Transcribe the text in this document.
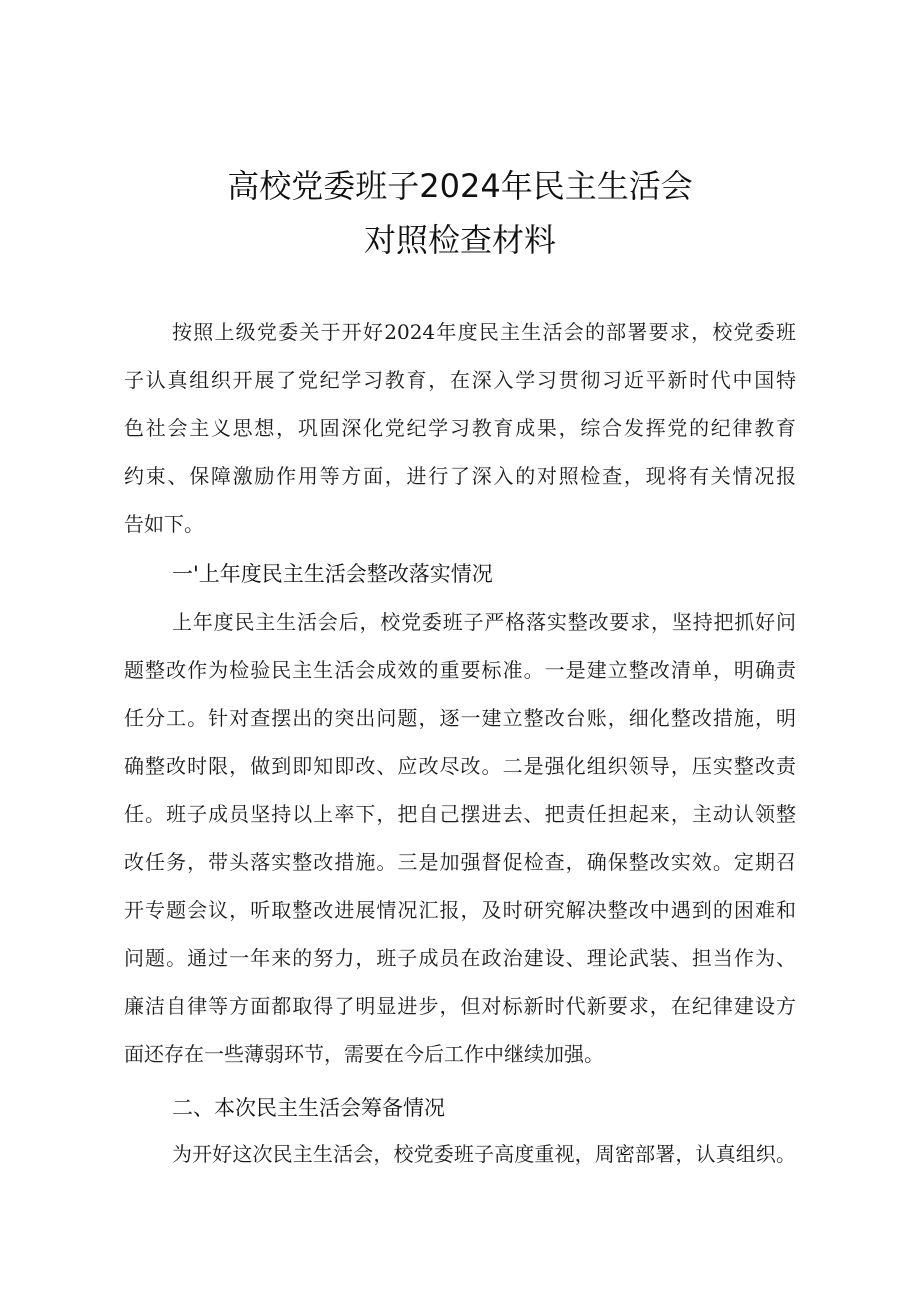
高校党委班子2024年民主生活会
对照检查材料
按照上级党委关于开好2024年度民主生活会的部署要求，校党委班
子认真组织开展了党纪学习教育，在深入学习贯彻习近平新时代中国特
色社会主义思想，巩固深化党纪学习教育成果，综合发挥党的纪律教育
约束、保障激励作用等方面，进行了深入的对照检查，现将有关情况报
告如下。
一'上年度民主生活会整改落实情况
上年度民主生活会后，校党委班子严格落实整改要求，坚持把抓好问
题整改作为检验民主生活会成效的重要标准。一是建立整改清单，明确责
任分工。针对查摆出的突出问题，逐一建立整改台账，细化整改措施，明
确整改时限，做到即知即改、应改尽改。二是强化组织领导，压实整改责
任。班子成员坚持以上率下，把自己摆进去、把责任担起来，主动认领整
改任务，带头落实整改措施。三是加强督促检查，确保整改实效。定期召
开专题会议，听取整改进展情况汇报，及时研究解决整改中遇到的困难和
问题。通过一年来的努力，班子成员在政治建设、理论武装、担当作为、
廉洁自律等方面都取得了明显进步，但对标新时代新要求，在纪律建设方
面还存在一些薄弱环节，需要在今后工作中继续加强。
二、本次民主生活会筹备情况
为开好这次民主生活会，校党委班子高度重视，周密部署，认真组织。
